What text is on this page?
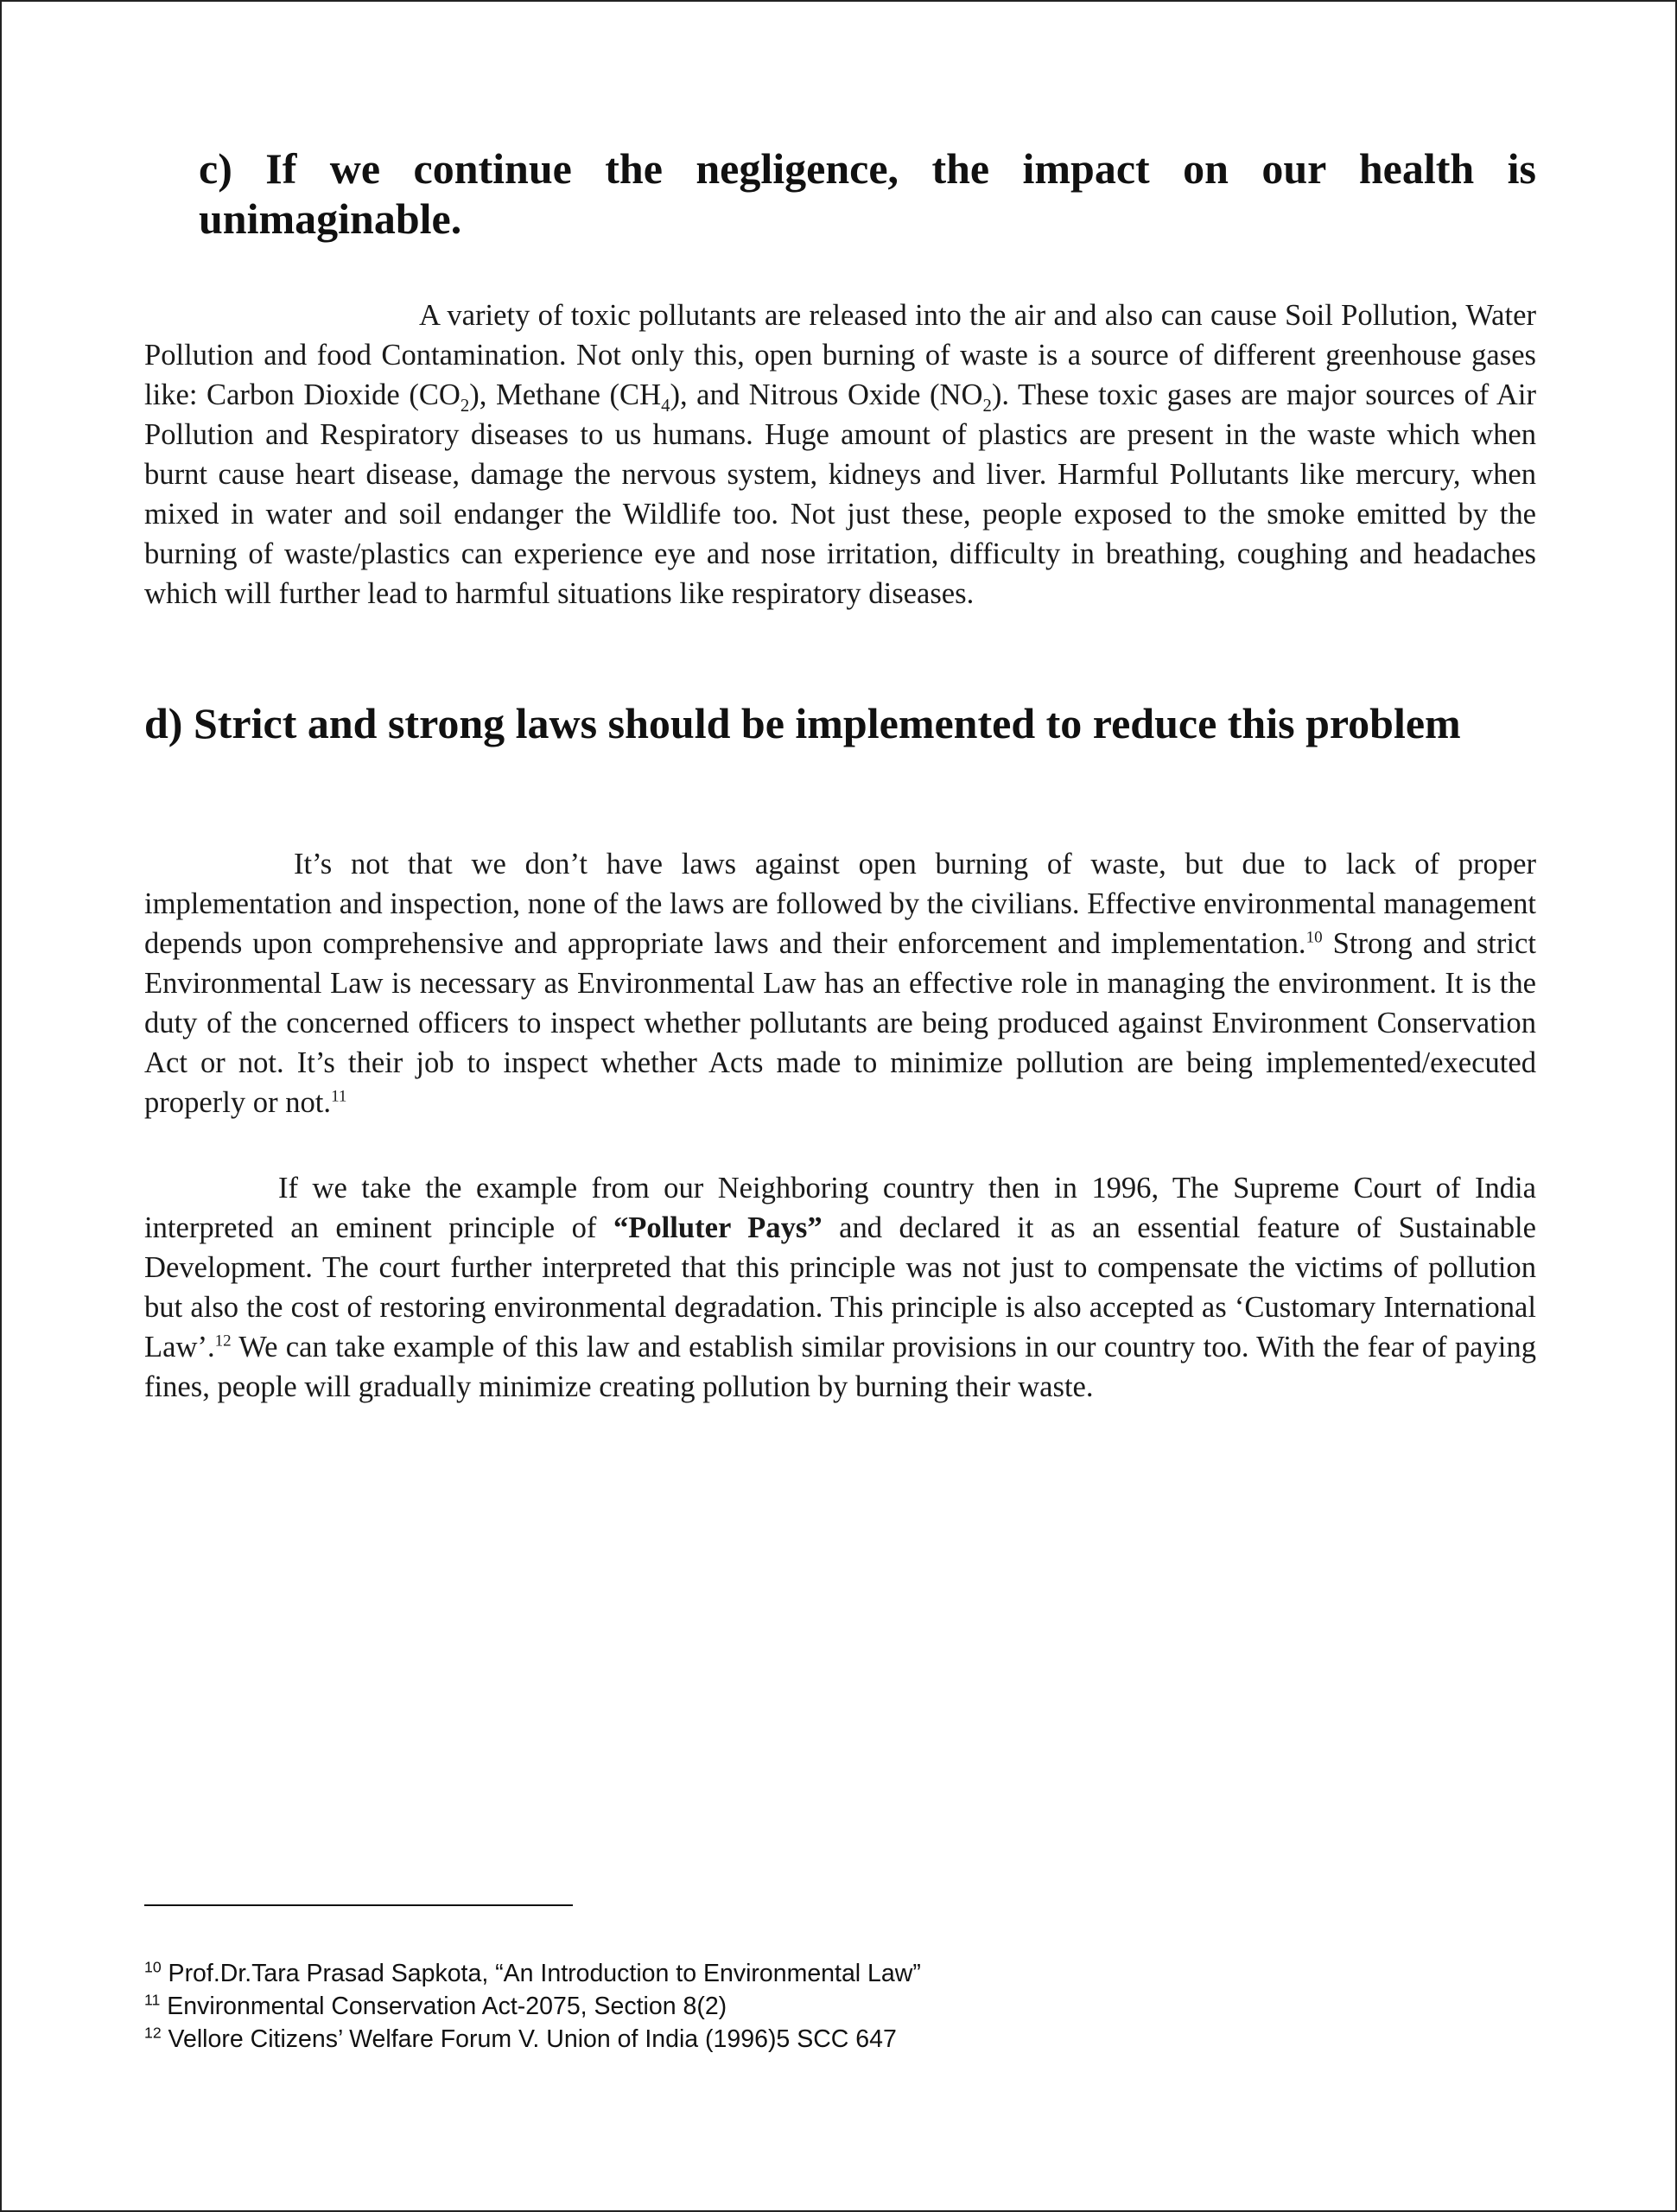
c) If we continue the negligence, the impact on our health is unimaginable.

A variety of toxic pollutants are released into the air and also can cause Soil Pollution, Water Pollution and food Contamination. Not only this, open burning of waste is a source of different greenhouse gases like: Carbon Dioxide $(CO_2)$, Methane $(CH_4)$, and Nitrous Oxide $(NO_2)$. These toxic gases are major sources of Air Pollution and Respiratory diseases to us humans. Huge amount of plastics are present in the waste which when burnt cause heart disease, damage the nervous system, kidneys and liver. Harmful Pollutants like mercury, when mixed in water and soil endanger the Wildlife too. Not just these, people exposed to the smoke emitted by the burning of waste/plastics can experience eye and nose irritation, difficulty in breathing, coughing and headaches which will further lead to harmful situations like respiratory diseases.

d) Strict and strong laws should be implemented to reduce this problem

It’s not that we don’t have laws against open burning of waste, but due to lack of proper implementation and inspection, none of the laws are followed by the civilians. Effective environmental management depends upon comprehensive and appropriate laws and their enforcement and implementation.$^{10}$ Strong and strict Environmental Law is necessary as Environmental Law has an effective role in managing the environment. It is the duty of the concerned officers to inspect whether pollutants are being produced against Environment Conservation Act or not. It’s their job to inspect whether Acts made to minimize pollution are being implemented/executed properly or not.$^{11}$

If we take the example from our Neighboring country then in 1996, The Supreme Court of India interpreted an eminent principle of “Polluter Pays” and declared it as an essential feature of Sustainable Development. The court further interpreted that this principle was not just to compensate the victims of pollution but also the cost of restoring environmental degradation. This principle is also accepted as ‘Customary International Law’.$^{12}$ We can take example of this law and establish similar provisions in our country too. With the fear of paying fines, people will gradually minimize creating pollution by burning their waste.

$^{10}$ Prof.Dr.Tara Prasad Sapkota, “An Introduction to Environmental Law”
$^{11}$ Environmental Conservation Act-2075, Section 8(2)
$^{12}$ Vellore Citizens’ Welfare Forum V. Union of India (1996)5 SCC 647
